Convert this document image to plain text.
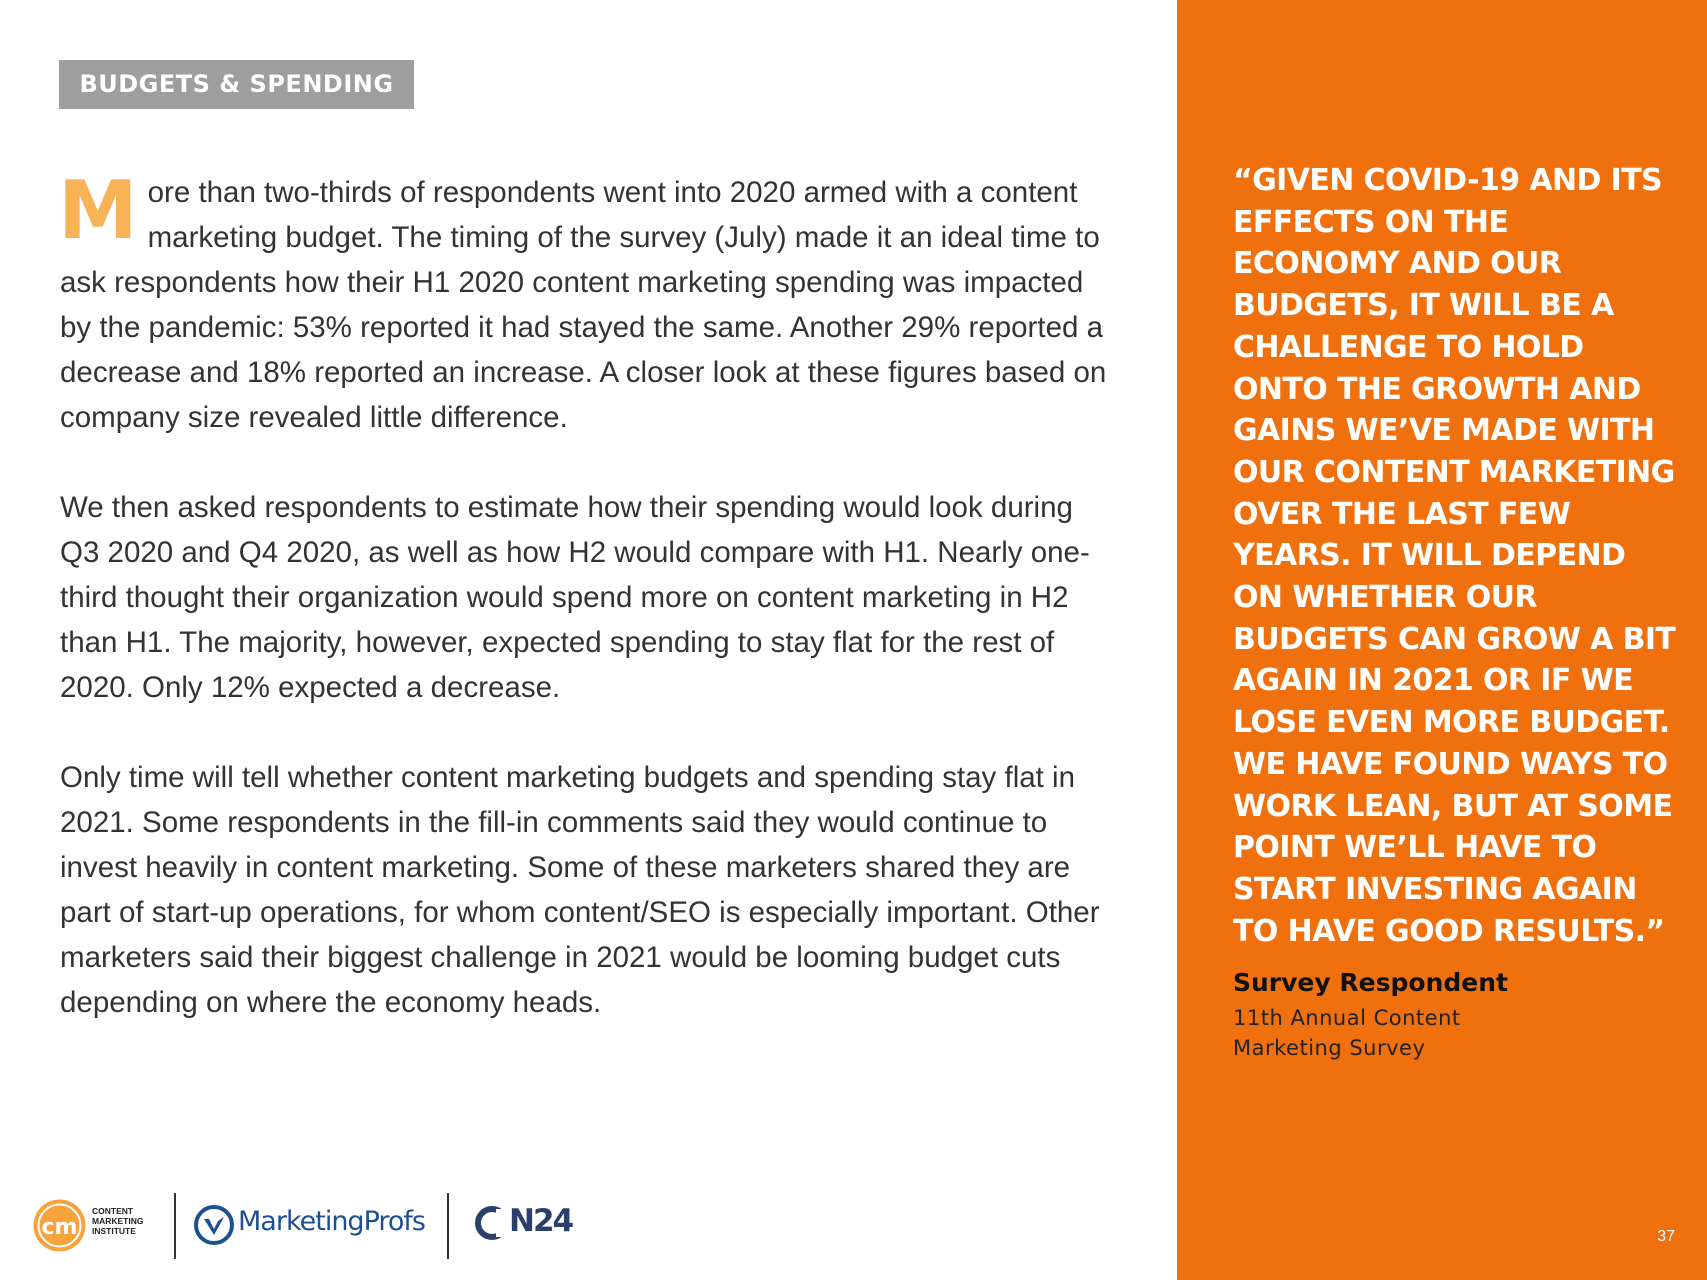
BUDGETS & SPENDING

More than two-thirds of respondents went into 2020 armed with a content marketing budget. The timing of the survey (July) made it an ideal time to ask respondents how their H1 2020 content marketing spending was impacted by the pandemic: 53% reported it had stayed the same. Another 29% reported a decrease and 18% reported an increase. A closer look at these figures based on company size revealed little difference.

We then asked respondents to estimate how their spending would look during Q3 2020 and Q4 2020, as well as how H2 would compare with H1. Nearly one-third thought their organization would spend more on content marketing in H2 than H1. The majority, however, expected spending to stay flat for the rest of 2020. Only 12% expected a decrease.

Only time will tell whether content marketing budgets and spending stay flat in 2021. Some respondents in the fill-in comments said they would continue to invest heavily in content marketing. Some of these marketers shared they are part of start-up operations, for whom content/SEO is especially important. Other marketers said their biggest challenge in 2021 would be looming budget cuts depending on where the economy heads.

cm
CONTENT
MARKETING
INSTITUTE	MarketingProfs	N24
“GIVEN COVID-19 AND ITS EFFECTS ON THE ECONOMY AND OUR BUDGETS, IT WILL BE A CHALLENGE TO HOLD ONTO THE GROWTH AND GAINS WE’VE MADE WITH OUR CONTENT MARKETING OVER THE LAST FEW YEARS. IT WILL DEPEND ON WHETHER OUR BUDGETS CAN GROW A BIT AGAIN IN 2021 OR IF WE LOSE EVEN MORE BUDGET. WE HAVE FOUND WAYS TO WORK LEAN, BUT AT SOME POINT WE’LL HAVE TO START INVESTING AGAIN TO HAVE GOOD RESULTS.”
Survey Respondent
11th Annual Content Marketing Survey
37
